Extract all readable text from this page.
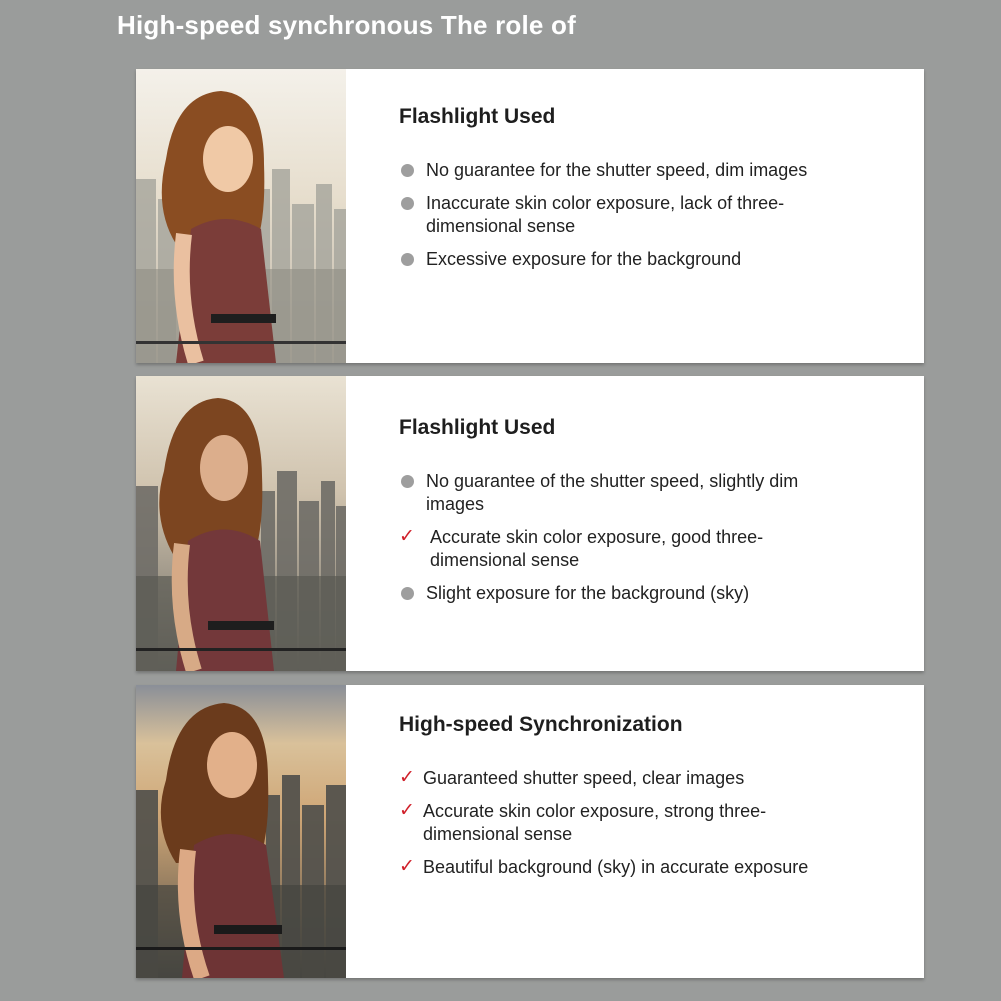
High-speed synchronous The role of
Flashlight Used
No guarantee for the shutter speed, dim images
Inaccurate skin color exposure, lack of three-dimensional sense
Excessive exposure for the background
Flashlight Used
No guarantee of the shutter speed, slightly dim images
✓ Accurate skin color exposure, good three-dimensional sense
Slight exposure for the background (sky)
High-speed Synchronization
✓ Guaranteed shutter speed, clear images
✓ Accurate skin color exposure, strong three-dimensional sense
✓ Beautiful background (sky) in accurate exposure
